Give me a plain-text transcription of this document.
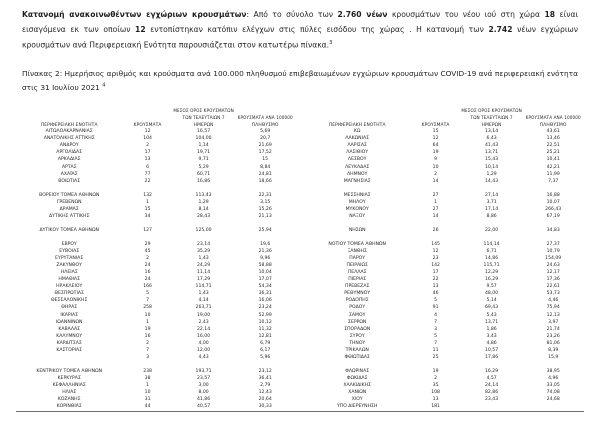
Κατανομή ανακοινωθέντων εγχώριων κρουσμάτων: Από το σύνολο των 2.760 νέων κρουσμάτων του νέου ιού στη χώρα 18 είναι εισαγόμενα εκ των οποίων 12 εντοπίστηκαν κατόπιν ελέγχων στις πύλες εισόδου της χώρας . Η κατανομή των 2.742 νέων εγχώριων κρουσμάτων ανά Περιφερειακή Ενότητα παρουσιάζεται στον κατωτέρω πίνακα.$^3$

Πίνακας 2: Ημερήσιος αριθμός και κρούσματα ανά 100.000 πληθυσμού επιβεβαιωμένων εγχώριων κρουσμάτων COVID-19 ανά περιφερειακή ενότητα στις 31 Ιουλίου 2021 $^4$

		ΜΕΣΟΣ ΟΡΟΣ ΚΡΟΥΣΜΑΤΩΝ	
		ΤΩΝ ΤΕΛΕΥΤΑΙΩΝ 7	ΚΡΟΥΣΜΑΤΑ ΑΝΑ 100000
ΠΕΡΙΦΕΡΕΙΑΚΗ ΕΝΟΤΗΤΑ	ΚΡΟΥΣΜΑΤΑ	ΗΜΕΡΩΝ	ΠΛΗΘΥΣΜΟ
ΑΙΤΩΛΟΑΚΑΡΝΑΝΙΑΣ	12	16,57	5,69
ΑΝΑΤΟΛΙΚΗΣ ΑΤΤΙΚΗΣ	104	104,00	20,7
ΑΝΔΡΟΥ	2	1,14	21,69
ΑΡΓΟΛΙΔΑΣ	17	19,71	17,52
ΑΡΚΑΔΙΑΣ	13	9,71	15
ΑΡΤΑΣ	6	5,29	8,84
ΑΧΑΪΑΣ	77	60,71	24,81
ΒΟΙΩΤΙΑΣ	22	16,86	18,66

ΒΟΡΕΙΟΥ ΤΟΜΕΑ ΑΘΗΝΩΝ	132	113,43	22,31
ΓΡΕΒΕΝΩΝ	1	1,29	3,15
ΔΡΑΜΑΣ	15	8,14	15,26
ΔΥΤΙΚΗΣ ΑΤΤΙΚΗΣ	34	28,43	21,13

ΔΥΤΙΚΟΥ ΤΟΜΕΑ ΑΘΗΝΩΝ	127	125,00	25,94

ΕΒΡΟΥ	29	23,14	19,6
ΕΥΒΟΙΑΣ	45	35,29	21,36
ΕΥΡΥΤΑΝΙΑΣ	2	1,43	9,96
ΖΑΚΥΝΘΟΥ	24	24,29	58,88
ΗΛΕΙΑΣ	16	11,14	10,04
ΗΜΑΘΙΑΣ	24	17,29	17,07
ΗΡΑΚΛΕΙΟΥ	166	114,71	54,34
ΘΕΣΠΡΩΤΙΑΣ	5	1,43	36,31
ΘΕΣΣΑΛΟΝΙΚΗΣ	7	4,14	16,06
ΘΗΡΑΣ	258	263,71	23,24
ΙΚΑΡΙΑΣ	10	19,00	52,99
ΙΩΑΝΝΙΝΩΝ	1	2,43	10,12
ΚΑΒΑΛΑΣ	19	22,14	11,32
ΚΑΛΥΜΝΟΥ	16	16,00	12,81
ΚΑΡΔΙΤΣΑΣ	2	4,00	6,79
ΚΑΣΤΟΡΙΑΣ	7	12,00	6,17
	3	4,43	5,96

ΚΕΝΤΡΙΚΟΥ ΤΟΜΕΑ ΑΘΗΝΩΝ	238	193,71	23,12
ΚΕΡΚΥΡΑΣ	38	23,57	36,41
ΚΕΦΑΛΛΗΝΙΑΣ	1	3,00	2,79
ΗΛΙΑΣ	10	8,00	12,43
ΚΟΖΑΝΗΣ	31	41,86	20,64
ΚΟΡΙΝΘΙΑΣ	44	40,57	30,33
		ΜΕΣΟΣ ΟΡΟΣ ΚΡΟΥΣΜΑΤΩΝ	
		ΤΩΝ ΤΕΛΕΥΤΑΙΩΝ 7	ΚΡΟΥΣΜΑΤΑ ΑΝΑ 100000
ΠΕΡΙΦΕΡΕΙΑΚΗ ΕΝΟΤΗΤΑ	ΚΡΟΥΣΜΑΤΑ	ΗΜΕΡΩΝ	ΠΛΗΘΥΣΜΟ
ΚΩ	15	13,14	43,61
ΛΑΚΩΝΙΑΣ	12	6,43	13,46
ΛΑΡΙΣΑΣ	64	41,43	22,51
ΛΑΣΙΘΙΟΥ	19	13,71	25,21
ΛΕΣΒΟΥ	9	15,43	10,41
ΛΕΥΚΑΔΑΣ	10	10,14	42,21
ΛΗΜΝΟΥ	2	1,29	11,99
ΜΑΓΝΗΣΙΑΣ	14	14,43	7,37

ΜΕΣΣΗΝΙΑΣ	27	27,14	16,88
ΜΗΛΟΥ	1	3,71	10,07
ΜΥΚΟΝΟΥ	27	17,14	266,43
ΝΑΞΟΥ	14	8,86	67,19

ΝΗΣΩΝ	26	22,00	34,83

ΝΟΤΙΟΥ ΤΟΜΕΑ ΑΘΗΝΩΝ	145	114,14	27,37
ΞΑΝΘΗΣ	12	6,71	10,79
ΠΑΡΟΥ	23	14,86	154,09
ΠΕΙΡΑΙΩΣ	142	115,71	24,63
ΠΕΛΛΑΣ	17	12,29	12,17
ΠΙΕΡΙΑΣ	22	16,29	17,36
ΠΡΕΒΕΖΑΣ	13	9,57	22,61
ΡΕΘΥΜΝΟΥ	46	48,00	53,73
ΡΟΔΟΠΗΣ	5	5,14	4,46
ΡΟΔΟΥ	91	69,43	75,94
ΣΑΜΟΥ	4	5,43	12,13
ΣΕΡΡΩΝ	7	13,71	3,97
ΣΠΟΡΑΔΩΝ	3	1,86	21,74
ΣΥΡΟΥ	5	3,43	23,26
ΤΗΝΟΥ	7	4,86	81,06
ΤΡΙΚΑΛΩΝ	11	10,57	8,39
ΦΘΙΩΤΙΔΑΣ	25	17,86	15,9

ΦΛΩΡΙΝΑΣ	19	16,29	38,95
ΦΩΚΙΔΑΣ	2	4,57	4,96
ΧΑΛΚΙΔΙΚΗΣ	35	24,14	33,05
ΧΑΝΙΩΝ	108	82,86	74,08
ΧΙΟΥ	13	23,43	24,68
ΥΠΟ ΔΙΕΡΕΥΝΗΣΗ	181		
